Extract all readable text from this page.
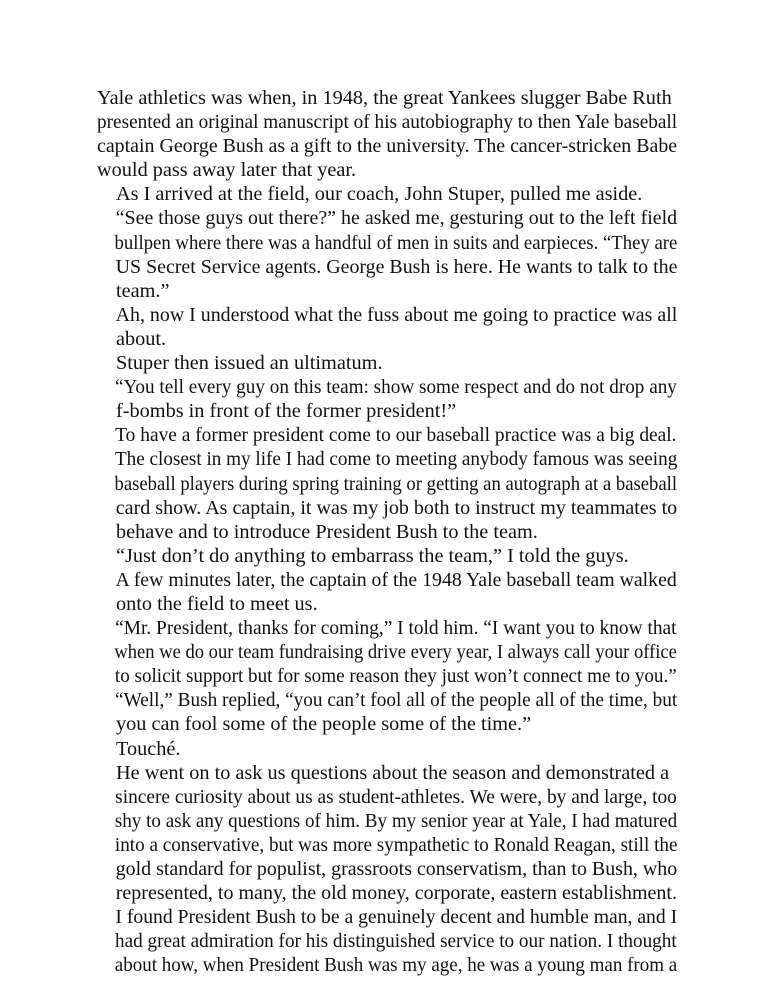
Yale athletics was when, in 1948, the great Yankees slugger Babe Ruth
presented an original manuscript of his autobiography to then Yale baseball
captain George Bush as a gift to the university. The cancer-stricken Babe
would pass away later that year.

As I arrived at the field, our coach, John Stuper, pulled me aside.

“See those guys out there?” he asked me, gesturing out to the left field
bullpen where there was a handful of men in suits and earpieces. “They are
US Secret Service agents. George Bush is here. He wants to talk to the
team.”

Ah, now I understood what the fuss about me going to practice was all
about.

Stuper then issued an ultimatum.

“You tell every guy on this team: show some respect and do not drop any
f-bombs in front of the former president!”

To have a former president come to our baseball practice was a big deal.
The closest in my life I had come to meeting anybody famous was seeing
baseball players during spring training or getting an autograph at a baseball
card show. As captain, it was my job both to instruct my teammates to
behave and to introduce President Bush to the team.

“Just don’t do anything to embarrass the team,” I told the guys.

A few minutes later, the captain of the 1948 Yale baseball team walked
onto the field to meet us.

“Mr. President, thanks for coming,” I told him. “I want you to know that
when we do our team fundraising drive every year, I always call your office
to solicit support but for some reason they just won’t connect me to you.”

“Well,” Bush replied, “you can’t fool all of the people all of the time, but
you can fool some of the people some of the time.”

Touché.

He went on to ask us questions about the season and demonstrated a
sincere curiosity about us as student-athletes. We were, by and large, too
shy to ask any questions of him. By my senior year at Yale, I had matured
into a conservative, but was more sympathetic to Ronald Reagan, still the
gold standard for populist, grassroots conservatism, than to Bush, who
represented, to many, the old money, corporate, eastern establishment.

I found President Bush to be a genuinely decent and humble man, and I
had great admiration for his distinguished service to our nation. I thought
about how, when President Bush was my age, he was a young man from a
